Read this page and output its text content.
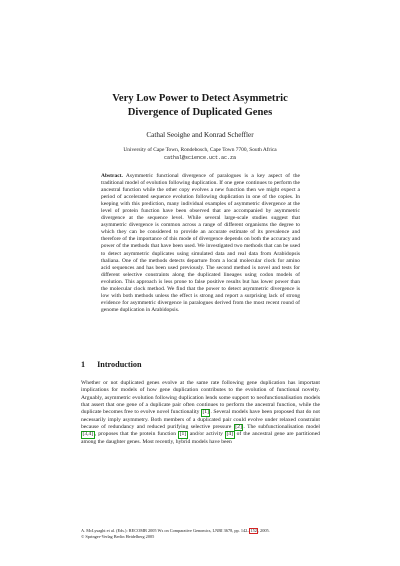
Very Low Power to Detect Asymmetric
Divergence of Duplicated Genes
Cathal Seoighe and Konrad Scheffler
University of Cape Town, Rondebosch, Cape Town 7700, South Africa
cathal@science.uct.ac.za
Abstract. Asymmetric functional divergence of paralogues is a key aspect of the traditional model of evolution following duplication. If one gene continues to perform the ancestral function while the other copy evolves a new function then we might expect a period of accelerated sequence evolution following duplication in one of the copies. In keeping with this prediction, many individual examples of asymmetric divergence at the level of protein function have been observed that are accompanied by asymmetric divergence at the sequence level. While several large-scale studies suggest that asymmetric divergence is common across a range of different organisms the degree to which they can be considered to provide an accurate estimate of its prevalence and therefore of the importance of this mode of divergence depends on both the accuracy and power of the methods that have been used. We investigated two methods that can be used to detect asymmetric duplicates using simulated data and real data from Arabidopsis thaliana. One of the methods detects departure from a local molecular clock for amino acid sequences and has been used previously. The second method is novel and tests for different selective constraints along the duplicated lineages using codon models of evolution. This approach is less prone to false positive results but has lower power than the molecular clock method. We find that the power to detect asymmetric divergence is low with both methods unless the effect is strong and report a surprising lack of strong evidence for asymmetric divergence in paralogues derived from the most recent round of genome duplication in Arabidopsis.
1 Introduction

Whether or not duplicated genes evolve at the same rate following gene duplication has important implications for models of how gene duplication contributes to the evolution of functional novelty. Arguably, asymmetric evolution following duplication lends some support to neofunctionalisation models that assert that one gene of a duplicate pair often continues to perform the ancestral function, while the duplicate becomes free to evolve novel functionality [1] . Several models have been proposed that do not necessarily imply asymmetry. Both members of a duplicated pair could evolve under relaxed constraint because of redundancy and reduced purifying selective pressure [2] . The subfunctionalisation model [3,4] , proposes that the protein function [1] and/or activity [4] of the ancestral gene are partitioned among the daughter genes. Most recently, hybrid models have been

A. McLysaght et al. (Eds.): RECOMB 2005 Ws on Comparative Genomics, LNBI 3678, pp. 142–152, 2005.
© Springer-Verlag Berlin Heidelberg 2005
